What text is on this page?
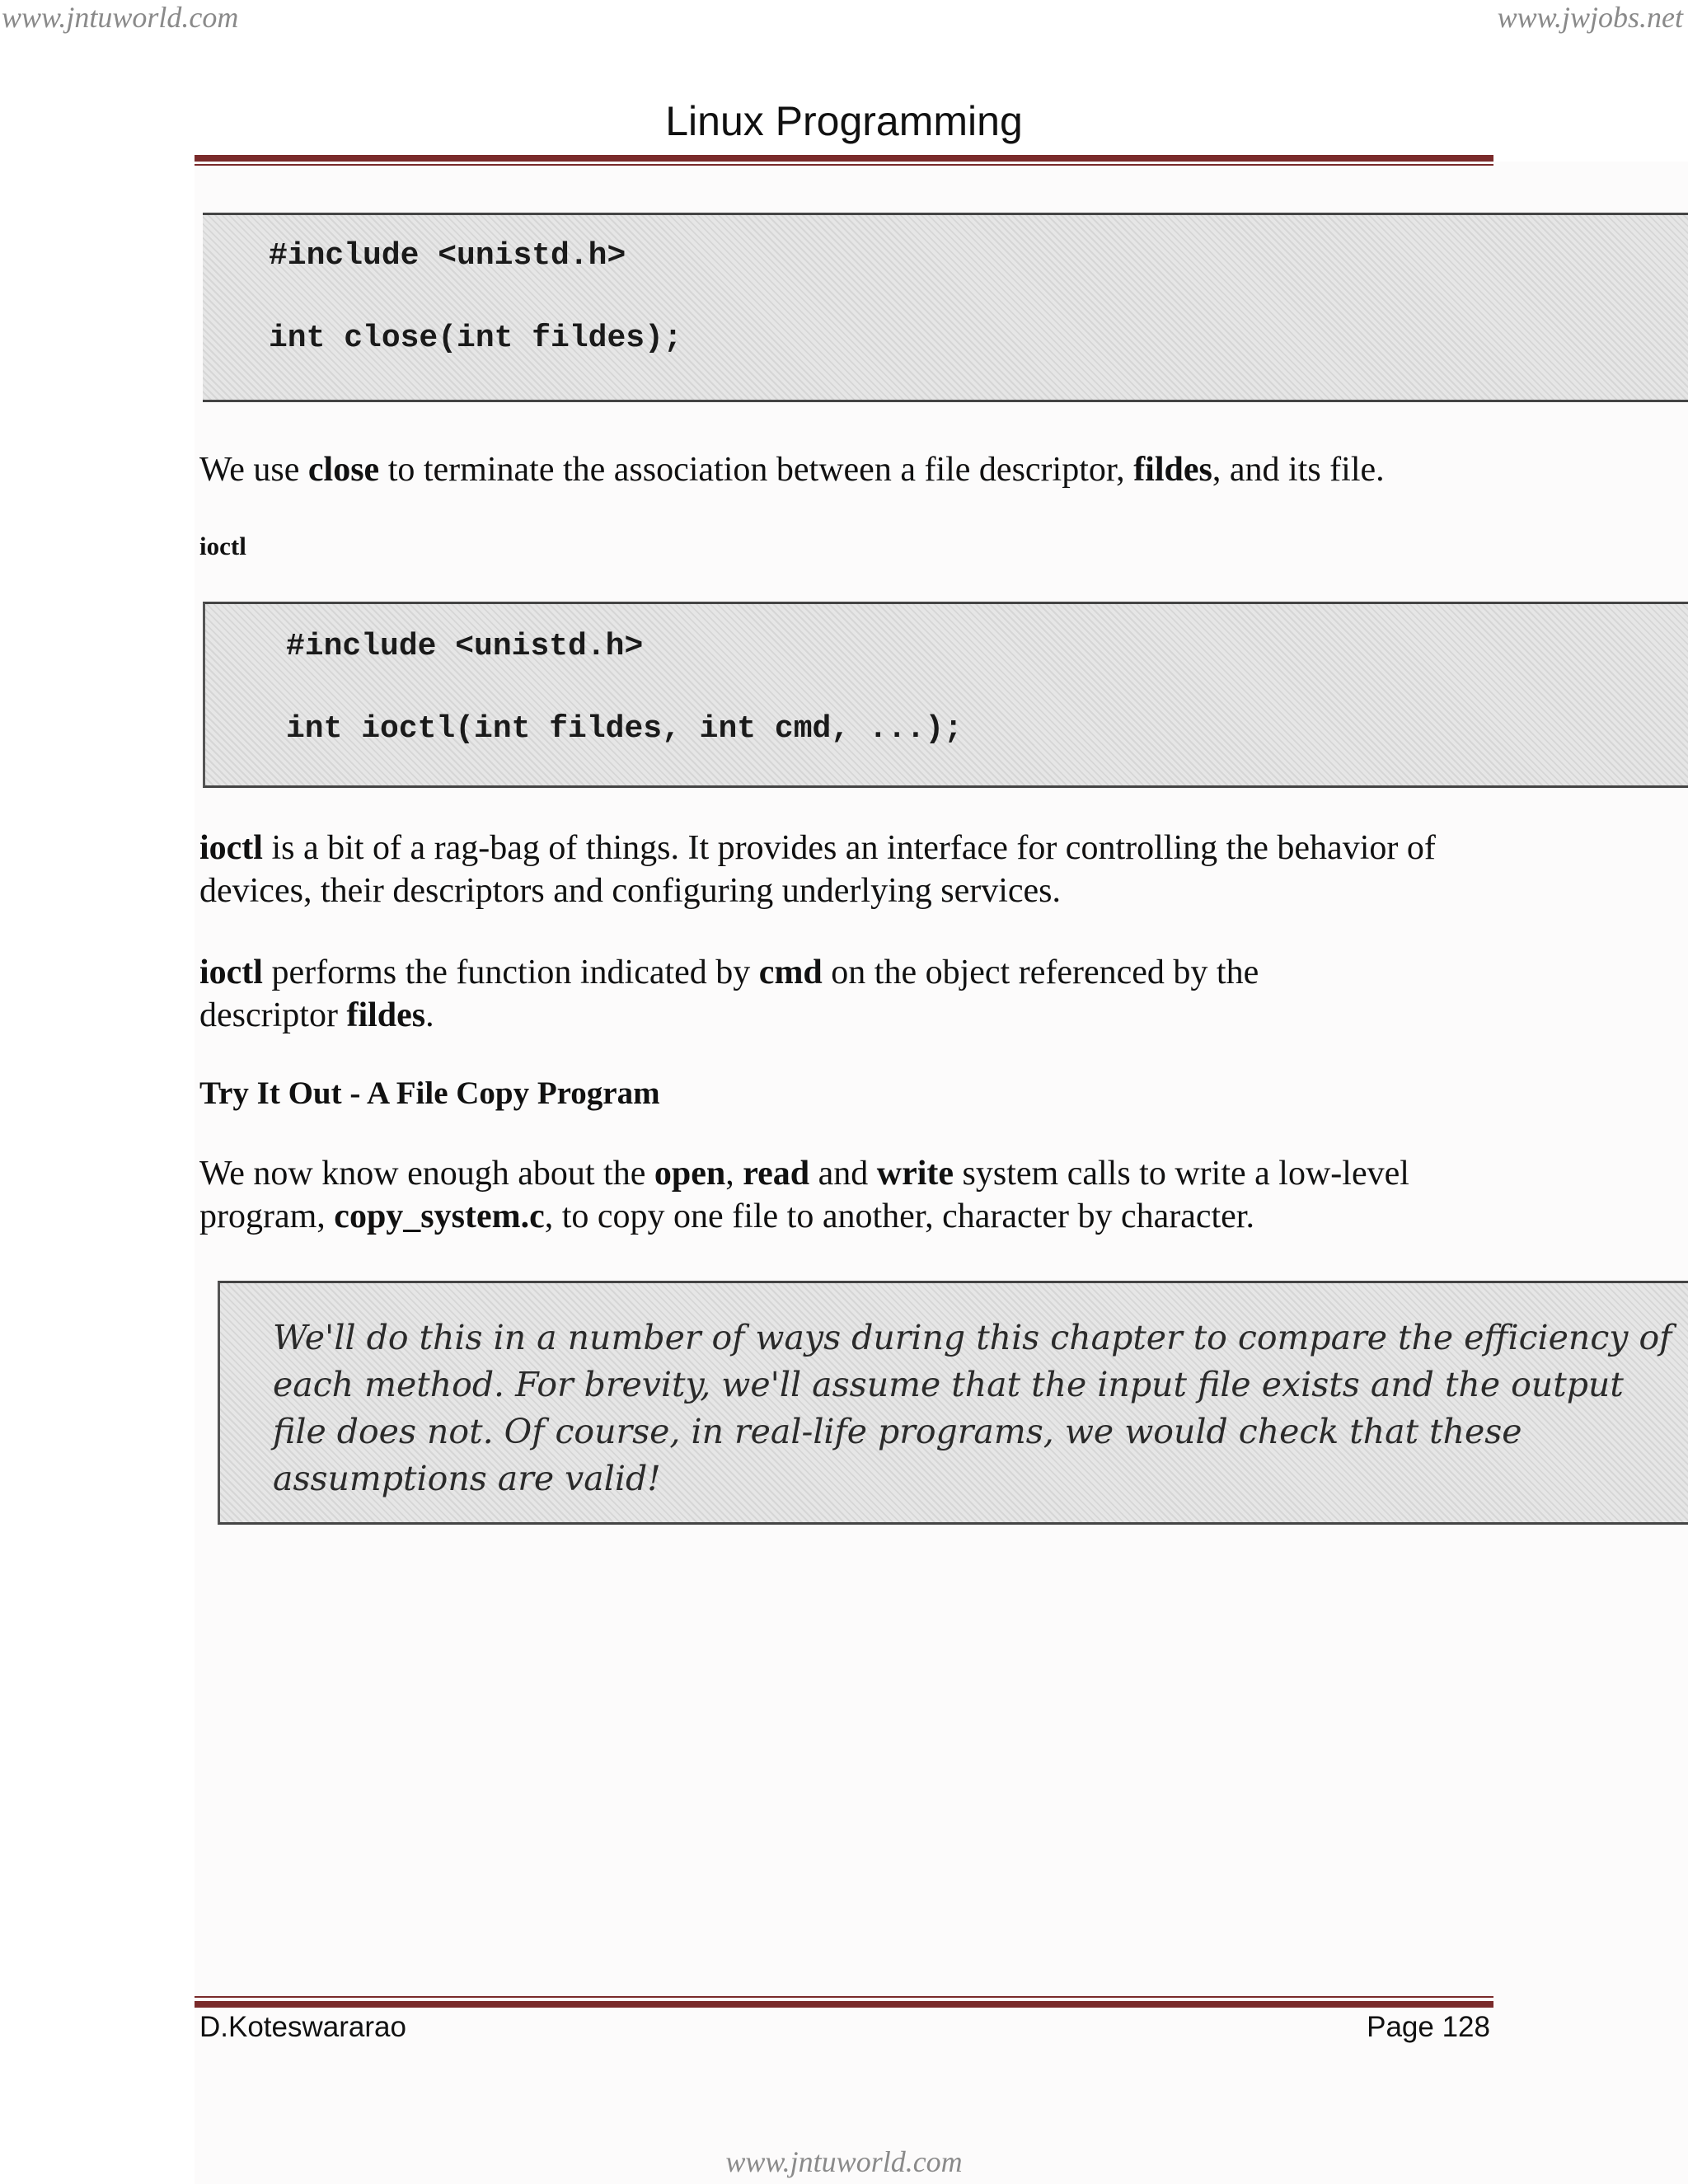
www.jntuworld.com	www.jwjobs.net
Linux Programming
#include <unistd.h>
int close(int fildes);
We use close to terminate the association between a file descriptor, fildes, and its file.
ioctl
#include <unistd.h>
int ioctl(int fildes, int cmd, ...);
ioctl is a bit of a rag-bag of things. It provides an interface for controlling the behavior of devices, their descriptors and configuring underlying services.
ioctl performs the function indicated by cmd on the object referenced by the descriptor fildes.
Try It Out - A File Copy Program
We now know enough about the open, read and write system calls to write a low-level program, copy_system.c, to copy one file to another, character by character.
We'll do this in a number of ways during this chapter to compare the efficiency of each method. For brevity, we'll assume that the input file exists and the output file does not. Of course, in real-life programs, we would check that these assumptions are valid!
D.Koteswararao	Page 128
www.jntuworld.com
